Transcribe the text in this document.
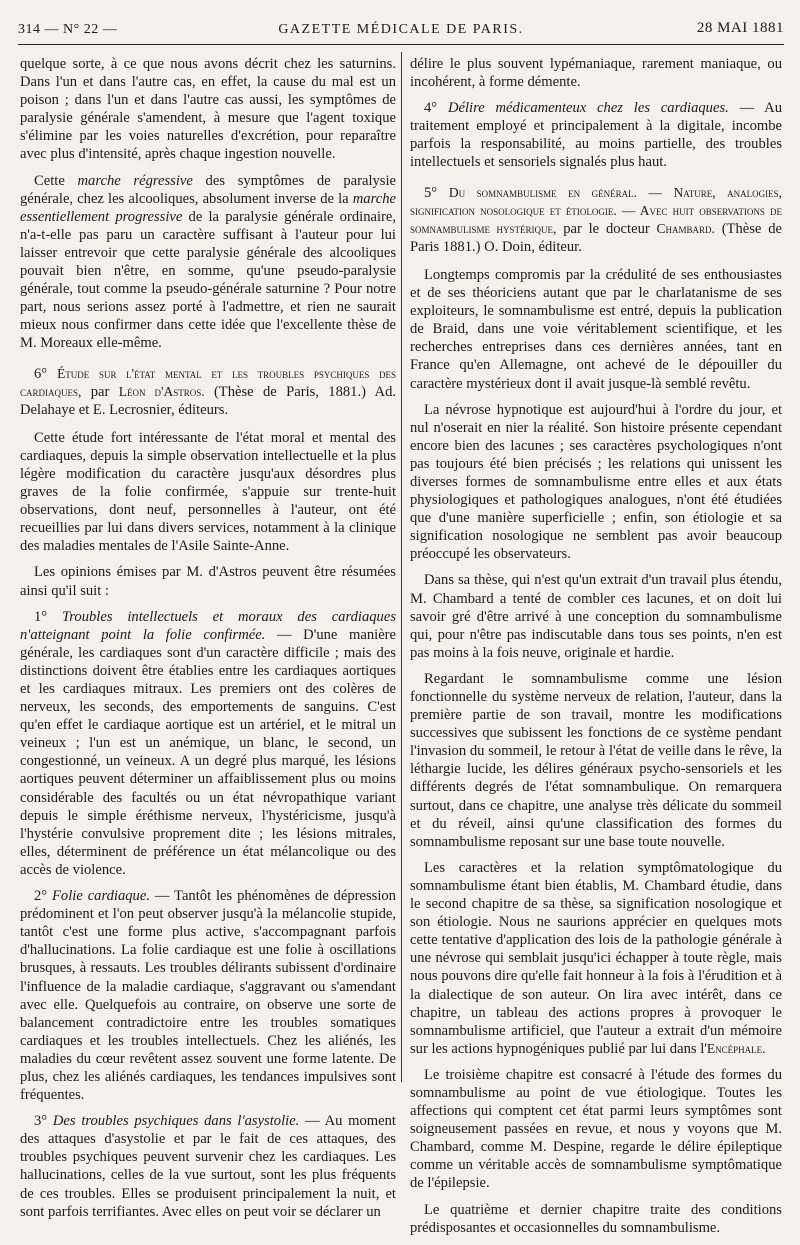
314 — N° 22 —	GAZETTE MÉDICALE DE PARIS.	28 MAI 1881

quelque sorte, à ce que nous avons décrit chez les saturnins. Dans l'un et dans l'autre cas, en effet, la cause du mal est un poison ; dans l'un et dans l'autre cas aussi, les symptômes de paralysie générale s'amendent, à mesure que l'agent toxique s'élimine par les voies naturelles d'excrétion, pour reparaître avec plus d'intensité, après chaque ingestion nouvelle.

Cette marche régressive des symptômes de paralysie générale, chez les alcooliques, absolument inverse de la marche essentiellement progressive de la paralysie générale ordinaire, n'a-t-elle pas paru un caractère suffisant à l'auteur pour lui laisser entrevoir que cette paralysie générale des alcooliques pouvait bien n'être, en somme, qu'une pseudo-paralysie générale, tout comme la pseudo-générale saturnine ? Pour notre part, nous serions assez porté à l'admettre, et rien ne saurait mieux nous confirmer dans cette idée que l'excellente thèse de M. Moreaux elle-même.

6° Étude sur l'état mental et les troubles psychiques des cardiaques, par Léon d'Astros. (Thèse de Paris, 1881.) Ad. Delahaye et E. Lecrosnier, éditeurs.

Cette étude fort intéressante de l'état moral et mental des cardiaques, depuis la simple observation intellectuelle et la plus légère modification du caractère jusqu'aux désordres plus graves de la folie confirmée, s'appuie sur trente-huit observations, dont neuf, personnelles à l'auteur, ont été recueillies par lui dans divers services, notamment à la clinique des maladies mentales de l'Asile Sainte-Anne.

Les opinions émises par M. d'Astros peuvent être résumées ainsi qu'il suit :

1° Troubles intellectuels et moraux des cardiaques n'atteignant point la folie confirmée. — D'une manière générale, les cardiaques sont d'un caractère difficile ; mais des distinctions doivent être établies entre les cardiaques aortiques et les cardiaques mitraux. Les premiers ont des colères de nerveux, les seconds, des emportements de sanguins. C'est qu'en effet le cardiaque aortique est un artériel, et le mitral un veineux ; l'un est un anémique, un blanc, le second, un congestionné, un veineux. A un degré plus marqué, les lésions aortiques peuvent déterminer un affaiblissement plus ou moins considérable des facultés ou un état névropathique variant depuis le simple éréthisme nerveux, l'hystéricisme, jusqu'à l'hystérie convulsive proprement dite ; les lésions mitrales, elles, déterminent de préférence un état mélancolique ou des accès de violence.

2° Folie cardiaque. — Tantôt les phénomènes de dépression prédominent et l'on peut observer jusqu'à la mélancolie stupide, tantôt c'est une forme plus active, s'accompagnant parfois d'hallucinations. La folie cardiaque est une folie à oscillations brusques, à ressauts. Les troubles délirants subissent d'ordinaire l'influence de la maladie cardiaque, s'aggravant ou s'amendant avec elle. Quelquefois au contraire, on observe une sorte de balancement contradictoire entre les troubles somatiques cardiaques et les troubles intellectuels. Chez les aliénés, les maladies du cœur revêtent assez souvent une forme latente. De plus, chez les aliénés cardiaques, les tendances impulsives sont fréquentes.

3° Des troubles psychiques dans l'asystolie. — Au moment des attaques d'asystolie et par le fait de ces attaques, des troubles psychiques peuvent survenir chez les cardiaques. Les hallucinations, celles de la vue surtout, sont les plus fréquents de ces troubles. Elles se produisent principalement la nuit, et sont parfois terrifiantes. Avec elles on peut voir se déclarer un

délire le plus souvent lypémaniaque, rarement maniaque, ou incohérent, à forme démente.

4° Délire médicamenteux chez les cardiaques. — Au traitement employé et principalement à la digitale, incombe parfois la responsabilité, au moins partielle, des troubles intellectuels et sensoriels signalés plus haut.

5° Du somnambulisme en général. — Nature, analogies, signification nosologique et étiologie. — Avec huit observations de somnambulisme hystérique, par le docteur Chambard. (Thèse de Paris 1881.) O. Doin, éditeur.

Longtemps compromis par la crédulité de ses enthousiastes et de ses théoriciens autant que par le charlatanisme de ses exploiteurs, le somnambulisme est entré, depuis la publication de Braid, dans une voie véritablement scientifique, et les recherches entreprises dans ces dernières années, tant en France qu'en Allemagne, ont achevé de le dépouiller du caractère mystérieux dont il avait jusque-là semblé revêtu.

La névrose hypnotique est aujourd'hui à l'ordre du jour, et nul n'oserait en nier la réalité. Son histoire présente cependant encore bien des lacunes ; ses caractères psychologiques n'ont pas toujours été bien précisés ; les relations qui unissent les diverses formes de somnambulisme entre elles et aux états physiologiques et pathologiques analogues, n'ont été étudiées que d'une manière superficielle ; enfin, son étiologie et sa signification nosologique ne semblent pas avoir beaucoup préoccupé les observateurs.

Dans sa thèse, qui n'est qu'un extrait d'un travail plus étendu, M. Chambard a tenté de combler ces lacunes, et on doit lui savoir gré d'être arrivé à une conception du somnambulisme qui, pour n'être pas indiscutable dans tous ses points, n'en est pas moins à la fois neuve, originale et hardie.

Regardant le somnambulisme comme une lésion fonctionnelle du système nerveux de relation, l'auteur, dans la première partie de son travail, montre les modifications successives que subissent les fonctions de ce système pendant l'invasion du sommeil, le retour à l'état de veille dans le rêve, la léthargie lucide, les délires généraux psycho-sensoriels et les différents degrés de l'état somnambulique. On remarquera surtout, dans ce chapitre, une analyse très délicate du sommeil et du réveil, ainsi qu'une classification des formes du somnambulisme reposant sur une base toute nouvelle.

Les caractères et la relation symptômatologique du somnambulisme étant bien établis, M. Chambard étudie, dans le second chapitre de sa thèse, sa signification nosologique et son étiologie. Nous ne saurions apprécier en quelques mots cette tentative d'application des lois de la pathologie générale à une névrose qui semblait jusqu'ici échapper à toute règle, mais nous pouvons dire qu'elle fait honneur à la fois à l'érudition et à la dialectique de son auteur. On lira avec intérêt, dans ce chapitre, un tableau des actions propres à provoquer le somnambulisme artificiel, que l'auteur a extrait d'un mémoire sur les actions hypnogéniques publié par lui dans l'Encéphale.

Le troisième chapitre est consacré à l'étude des formes du somnambulisme au point de vue étiologique. Toutes les affections qui comptent cet état parmi leurs symptômes sont soigneusement passées en revue, et nous y voyons que M. Chambard, comme M. Despine, regarde le délire épileptique comme un véritable accès de somnambulisme symptômatique de l'épilepsie.

Le quatrième et dernier chapitre traite des conditions prédisposantes et occasionnelles du somnambulisme.
